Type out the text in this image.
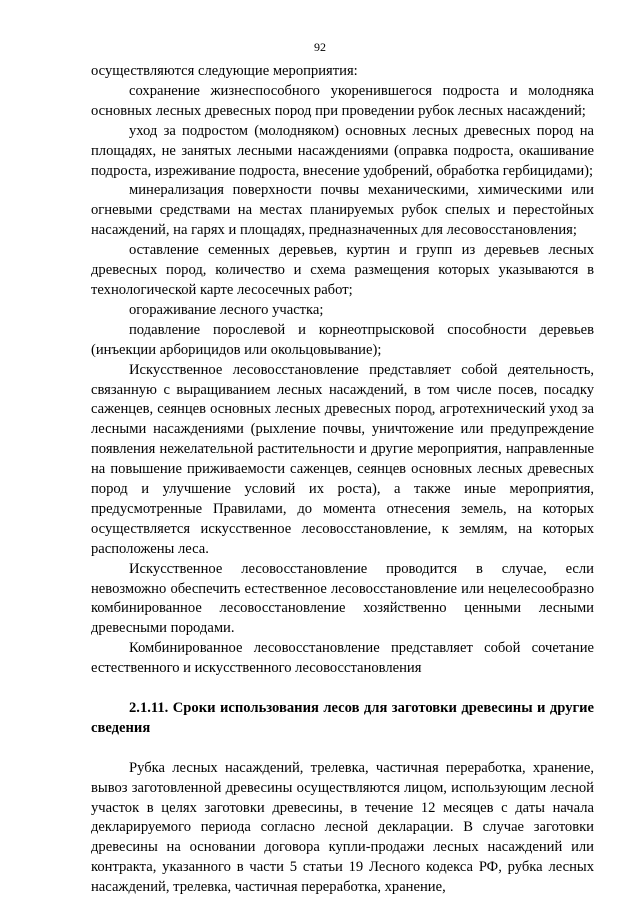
92

осуществляются следующие мероприятия:

сохранение жизнеспособного укоренившегося подроста и молодняка основных лесных древесных пород при проведении рубок лесных насаждений;

уход за подростом (молодняком) основных лесных древесных пород на площадях, не занятых лесными насаждениями (оправка подроста, окашивание подроста, изреживание подроста, внесение удобрений, обработка гербицидами);

минерализация поверхности почвы механическими, химическими или огневыми средствами на местах планируемых рубок спелых и перестойных насаждений, на гарях и площадях, предназначенных для лесовосстановления;

оставление семенных деревьев, куртин и групп из деревьев лесных древесных пород, количество и схема размещения которых указываются в технологической карте лесосечных работ;

огораживание лесного участка;

подавление порослевой и корнеотпрысковой способности деревьев (инъекции арборицидов или окольцовывание);

Искусственное лесовосстановление представляет собой деятельность, связанную с выращиванием лесных насаждений, в том числе посев, посадку саженцев, сеянцев основных лесных древесных пород, агротехнический уход за лесными насаждениями (рыхление почвы, уничтожение или предупреждение появления нежелательной растительности и другие мероприятия, направленные на повышение приживаемости саженцев, сеянцев основных лесных древесных пород и улучшение условий их роста), а также иные мероприятия, предусмотренные Правилами, до момента отнесения земель, на которых осуществляется искусственное лесовосстановление, к землям, на которых расположены леса.

Искусственное лесовосстановление проводится в случае, если невозможно обеспечить естественное лесовосстановление или нецелесообразно комбинированное лесовосстановление хозяйственно ценными лесными древесными породами.

Комбинированное лесовосстановление представляет собой сочетание естественного и искусственного лесовосстановления

2.1.11. Сроки использования лесов для заготовки древесины и другие сведения

Рубка лесных насаждений, трелевка, частичная переработка, хранение, вывоз заготовленной древесины осуществляются лицом, использующим лесной участок в целях заготовки древесины, в течение 12 месяцев с даты начала декларируемого периода согласно лесной декларации. В случае заготовки древесины на основании договора купли-продажи лесных насаждений или контракта, указанного в части 5 статьи 19 Лесного кодекса РФ, рубка лесных насаждений, трелевка, частичная переработка, хранение,
